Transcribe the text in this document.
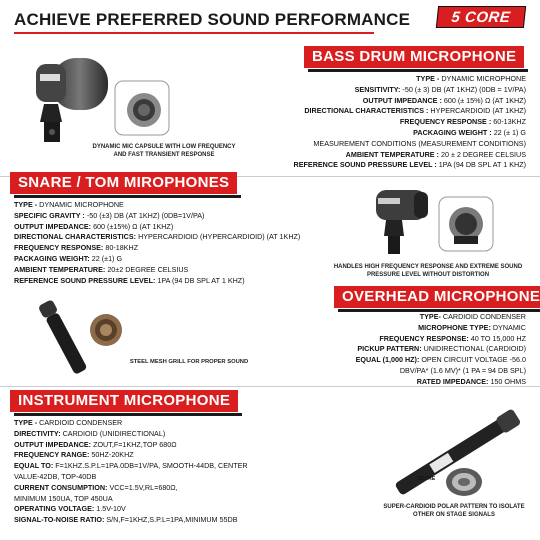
ACHIEVE PREFERRED SOUND PERFORMANCE	5 CORE
BASS DRUM MICROPHONE
DYNAMIC MIC CAPSULE WITH LOW FREQUENCY
AND FAST TRANSIENT RESPONSE
TYPE - DYNAMIC MICROPHONE
SENSITIVITY: -50 (± 3) DB (AT 1KHZ) (0DB = 1V/PA)
OUTPUT IMPEDANCE : 600 (± 15%) Ω (AT 1KHZ)
DIRECTIONAL CHARACTERISTICS : HYPERCARDIOID (AT 1KHZ)
FREQUENCY RESPONSE : 60-13KHZ
PACKAGING WEIGHT : 22 (± 1) G
MEASUREMENT CONDITIONS (MEASUREMENT CONDITIONS)
AMBIENT TEMPERATURE : 20 ± 2 DEGREE CELSIUS
REFERENCE SOUND PRESSURE LEVEL : 1PA (94 DB SPL AT 1 KHZ)
SNARE / TOM MIROPHONES
TYPE - DYNAMIC MICROPHONE
SPECIFIC GRAVITY : -50 (±3) DB (AT 1KHZ) (0DB=1V/PA)
OUTPUT IMPEDANCE: 600 (±15%) Ω (AT 1KHZ)
DIRECTIONAL CHARACTERISTICS: HYPERCARDIOID (HYPERCARDIOID) (AT 1KHZ)
FREQUENCY RESPONSE: 80-18KHZ
PACKAGING WEIGHT: 22 (±1) G
AMBIENT TEMPERATURE: 20±2 DEGREE CELSIUS
REFERENCE SOUND PRESSURE LEVEL: 1PA (94 DB SPL AT 1 KHZ)
HANDLES HIGH FREQUENCY RESPONSE AND EXTREME SOUND
PRESSURE LEVEL WITHOUT DISTORTION
OVERHEAD MICROPHONE
STEEL MESH GRILL FOR PROPER SOUND
TYPE- CARDIOID CONDENSER
MICROPHONE TYPE: DYNAMIC
FREQUENCY RESPONSE: 40 TO 15,000 HZ
PICKUP PATTERN: UNIDIRECTIONAL (CARDIOID)
EQUAL (1,000 HZ): OPEN CIRCUIT VOLTAGE -56.0
DBV/PA* (1.6 MV)* (1 PA = 94 DB SPL)
RATED IMPEDANCE: 150 OHMS
INSTRUMENT MICROPHONE
TYPE - CARDIOID CONDENSER
DIRECTIVITY: CARDIOID (UNIDIRECTIONAL)
OUTPUT IMPEDANCE: ZOUT,F=1KHZ,TOP 680Ω
FREQUENCY RANGE: 50HZ-20KHZ
EQUAL TO: F=1KHZ.S.P.L=1PA.0DB=1V/PA, SMOOTH-44DB, CENTER
VALUE-42DB, TOP-40DB
CURRENT CONSUMPTION: VCC=1.5V,RL=680Ω,
MINIMUM 150UA, TOP 450UA
OPERATING VOLTAGE: 1.5V-10V
SIGNAL-TO-NOISE RATIO: S/N,F=1KHZ,S.P.L=1PA,MINIMUM 55DB
5CORE
SUPER-CARDIOID POLAR PATTERN TO ISOLATE
OTHER ON STAGE SIGNALS
